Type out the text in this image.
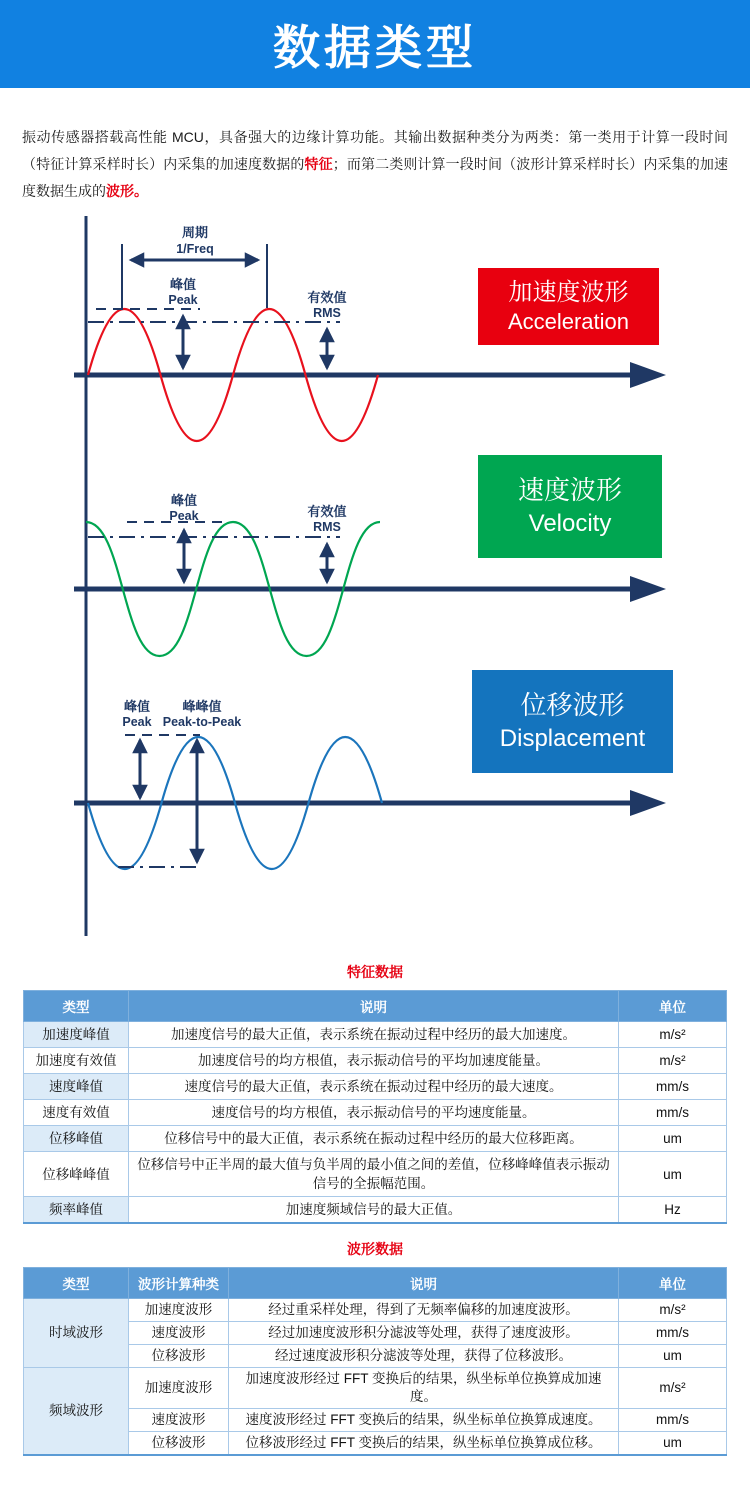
数据类型

振动传感器搭载高性能 MCU，具备强大的边缘计算功能。其输出数据种类分为两类：第一类用于计算一段时间（特征计算采样时长）内采集的加速度数据的特征；而第二类则计算一段时间（波形计算采样时长）内采集的加速度数据生成的波形。

周期
1/Freq
峰值
Peak	有效值
RMS
峰值
Peak	有效值
RMS
峰值
Peak
峰峰值
Peak-to-Peak
加速度波形
Acceleration
速度波形
Velocity
位移波形
Displacement
特征数据
类型	说明	单位
加速度峰值	加速度信号的最大正值，表示系统在振动过程中经历的最大加速度。	m/s²
加速度有效值	加速度信号的均方根值，表示振动信号的平均加速度能量。	m/s²
速度峰值	速度信号的最大正值，表示系统在振动过程中经历的最大速度。	mm/s
速度有效值	速度信号的均方根值，表示振动信号的平均速度能量。	mm/s
位移峰值	位移信号中的最大正值，表示系统在振动过程中经历的最大位移距离。	um
位移峰峰值	位移信号中正半周的最大值与负半周的最小值之间的差值，位移峰峰值表示振动信号的全振幅范围。	um
频率峰值	加速度频域信号的最大正值。	Hz
波形数据
类型	波形计算种类	说明	单位
时域波形	加速度波形	经过重采样处理，得到了无频率偏移的加速度波形。	m/s²
	速度波形	经过加速度波形积分滤波等处理，获得了速度波形。	mm/s
	位移波形	经过速度波形积分滤波等处理，获得了位移波形。	um
频域波形	加速度波形	加速度波形经过 FFT 变换后的结果，纵坐标单位换算成加速度。	m/s²
	速度波形	速度波形经过 FFT 变换后的结果，纵坐标单位换算成速度。	mm/s
	位移波形	位移波形经过 FFT 变换后的结果，纵坐标单位换算成位移。	um
